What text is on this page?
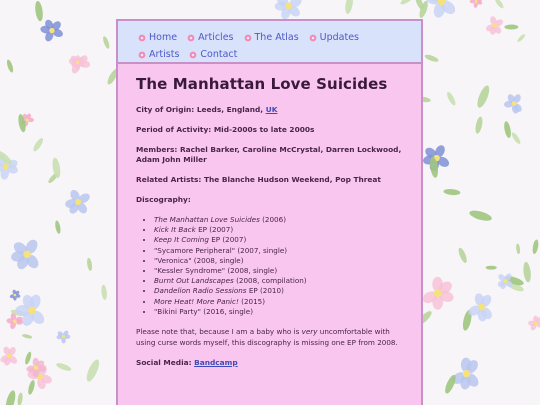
Home Articles The Atlas Updates
Artists Contact
The Manhattan Love Suicides

City of Origin: Leeds, England, UK

Period of Activity: Mid-2000s to late 2000s

Members: Rachel Barker, Caroline McCrystal, Darren Lockwood, Adam John Miller

Related Artists: The Blanche Hudson Weekend, Pop Threat

Discography:

• The Manhattan Love Suicides (2006)
• Kick It Back EP (2007)
• Keep It Coming EP (2007)
• "Sycamore Peripheral" (2007, single)
• "Veronica" (2008, single)
• "Kessler Syndrome" (2008, single)
• Burnt Out Landscapes (2008, compilation)
• Dandelion Radio Sessions EP (2010)
• More Heat! More Panic! (2015)
• "Bikini Party" (2016, single)

Please note that, because I am a baby who is very uncomfortable with using curse words myself, this discography is missing one EP from 2008.

Social Media: Bandcamp
